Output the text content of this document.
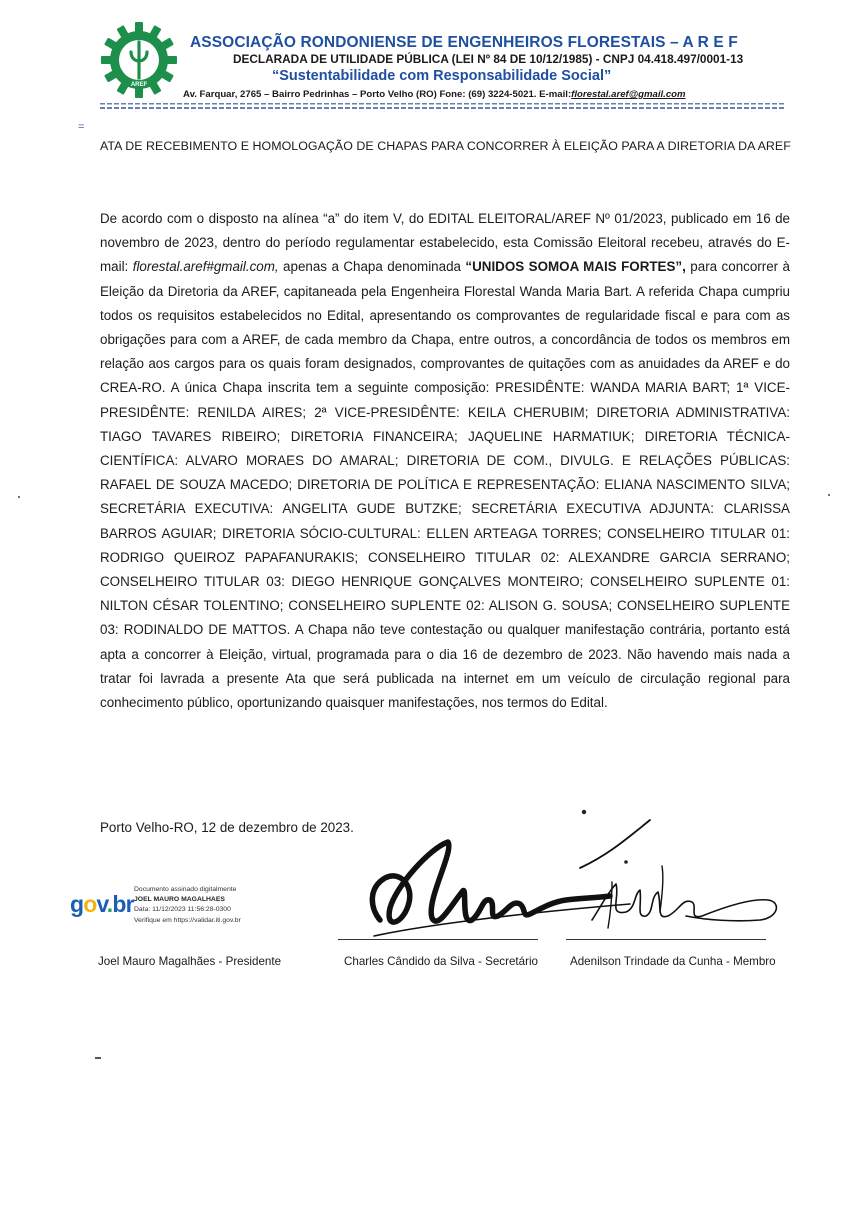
AREF
ASSOCIAÇÃO RONDONIENSE DE ENGENHEIROS FLORESTAIS – A R E F
DECLARADA DE UTILIDADE PÚBLICA (LEI Nº 84 DE 10/12/1985) - CNPJ 04.418.497/0001-13
“Sustentabilidade com Responsabilidade Social”
Av. Farquar, 2765 – Bairro Pedrinhas – Porto Velho (RO) Fone: (69) 3224-5021. E-mail:florestal.aref@gmail.com
=
ATA DE RECEBIMENTO E HOMOLOGAÇÃO DE CHAPAS PARA CONCORRER À ELEIÇÃO PARA A DIRETORIA DA AREF
De acordo com o disposto na alínea “a” do item V, do EDITAL ELEITORAL/AREF Nº 01/2023, publicado em 16 de novembro de 2023, dentro do período regulamentar estabelecido, esta Comissão Eleitoral recebeu, através do E-mail: florestal.aref#gmail.com, apenas a Chapa denominada “UNIDOS SOMOA MAIS FORTES”, para concorrer à Eleição da Diretoria da AREF, capitaneada pela Engenheira Florestal Wanda Maria Bart. A referida Chapa cumpriu todos os requisitos estabelecidos no Edital, apresentando os comprovantes de regularidade fiscal e para com as obrigações para com a AREF, de cada membro da Chapa, entre outros, a concordância de todos os membros em relação aos cargos para os quais foram designados, comprovantes de quitações com as anuidades da AREF e do CREA-RO. A única Chapa inscrita tem a seguinte composição: PRESIDÊNTE: WANDA MARIA BART; 1ª VICE-PRESIDÊNTE: RENILDA AIRES; 2ª VICE-PRESIDÊNTE: KEILA CHERUBIM; DIRETORIA ADMINISTRATIVA: TIAGO TAVARES RIBEIRO; DIRETORIA FINANCEIRA; JAQUELINE HARMATIUK; DIRETORIA TÉCNICA-CIENTÍFICA: ALVARO MORAES DO AMARAL; DIRETORIA DE COM., DIVULG. E RELAÇÕES PÚBLICAS: RAFAEL DE SOUZA MACEDO; DIRETORIA DE POLÍTICA E REPRESENTAÇÃO: ELIANA NASCIMENTO SILVA; SECRETÁRIA EXECUTIVA: ANGELITA GUDE BUTZKE; SECRETÁRIA EXECUTIVA ADJUNTA: CLARISSA BARROS AGUIAR; DIRETORIA SÓCIO-CULTURAL: ELLEN ARTEAGA TORRES; CONSELHEIRO TITULAR 01: RODRIGO QUEIROZ PAPAFANURAKIS; CONSELHEIRO TITULAR 02: ALEXANDRE GARCIA SERRANO; CONSELHEIRO TITULAR 03: DIEGO HENRIQUE GONÇALVES MONTEIRO; CONSELHEIRO SUPLENTE 01: NILTON CÉSAR TOLENTINO; CONSELHEIRO SUPLENTE 02: ALISON G. SOUSA; CONSELHEIRO SUPLENTE 03: RODINALDO DE MATTOS. A Chapa não teve contestação ou qualquer manifestação contrária, portanto está apta a concorrer à Eleição, virtual, programada para o dia 16 de dezembro de 2023. Não havendo mais nada a tratar foi lavrada a presente Ata que será publicada na internet em um veículo de circulação regional para conhecimento público, oportunizando quaisquer manifestações, nos termos do Edital.
Porto Velho-RO, 12 de dezembro de 2023.
gov.br
Documento assinado digitalmente
JOEL MAURO MAGALHAES
Data: 11/12/2023 11:56:28-0300
Verifique em https://validar.iti.gov.br
Joel Mauro Magalhães - Presidente	Charles Cândido da Silva - Secretário	Adenilson Trindade da Cunha - Membro
